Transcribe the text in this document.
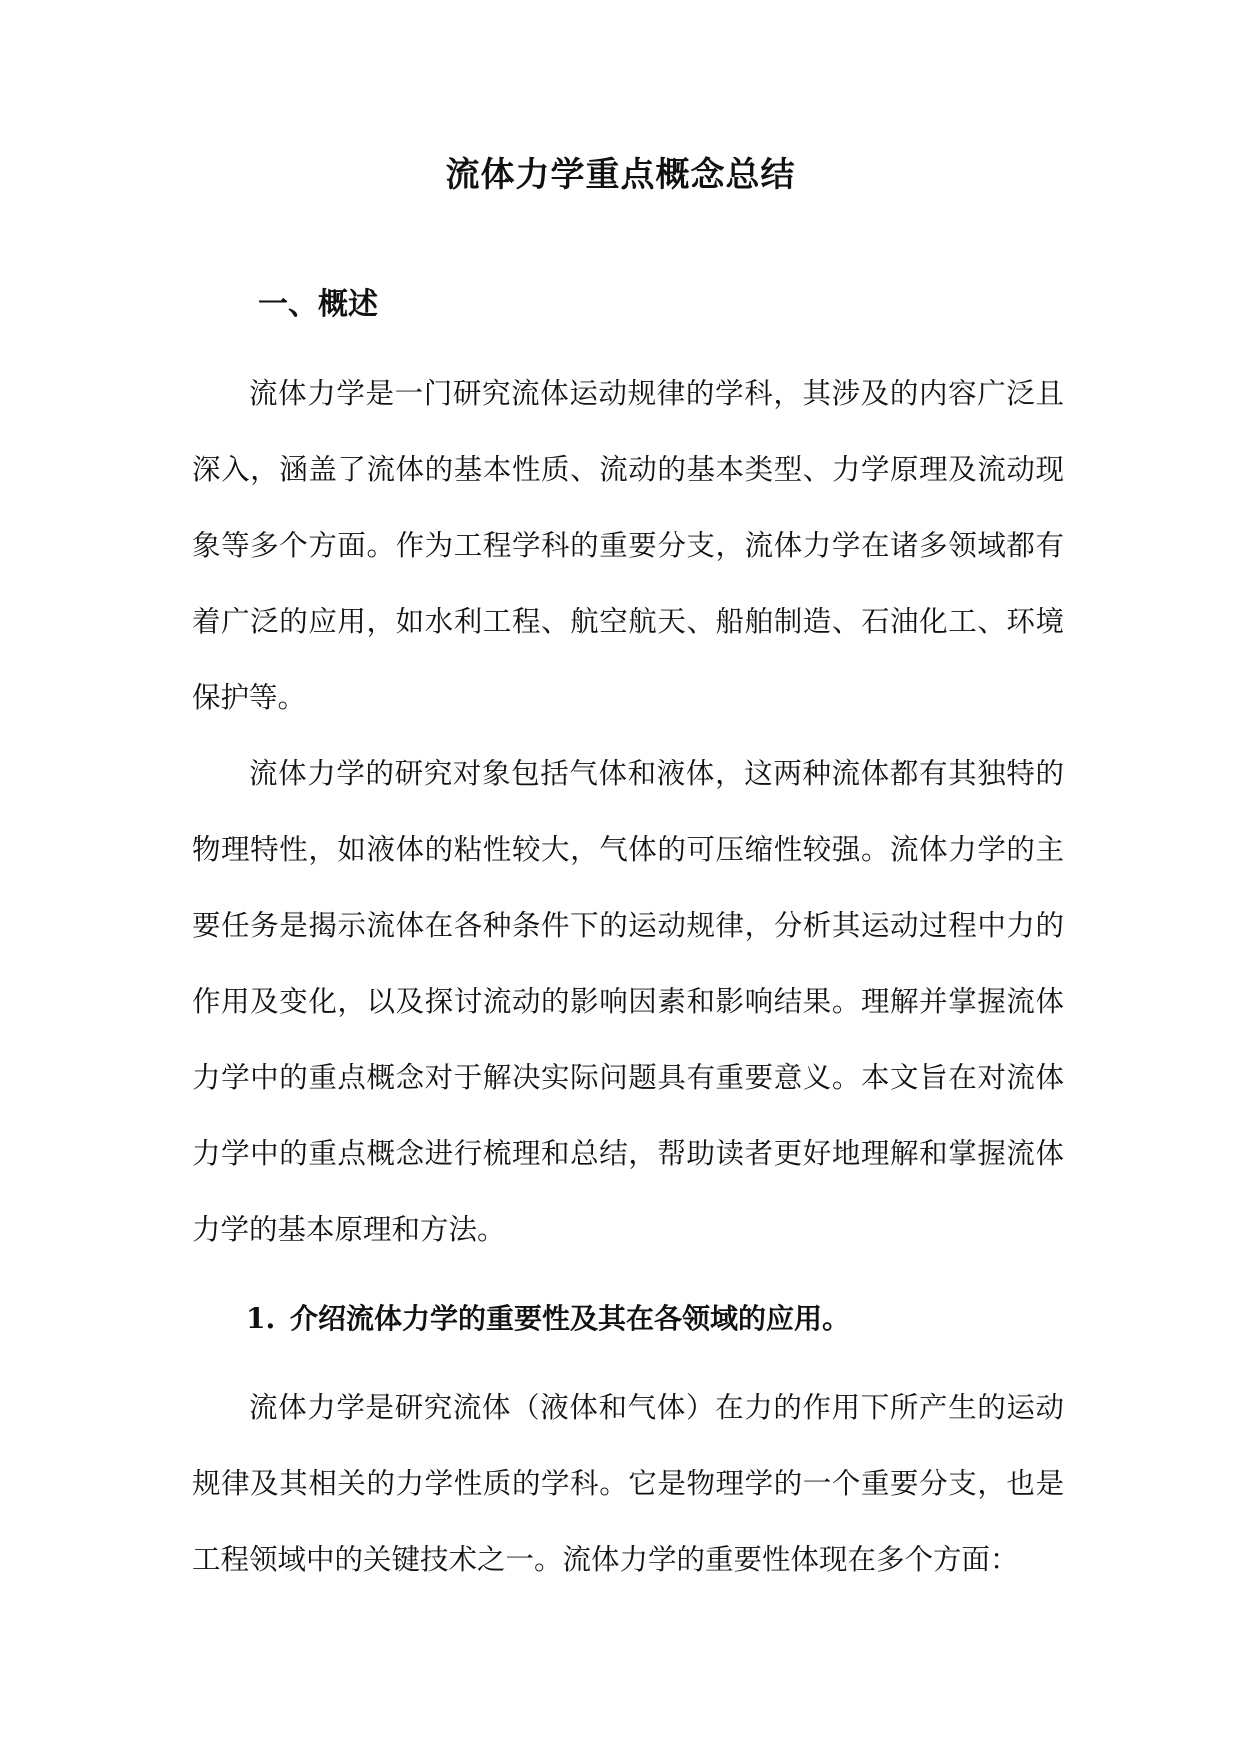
流体力学重点概念总结
一、概述

流体力学是一门研究流体运动规律的学科，其涉及的内容广泛且深入，涵盖了流体的基本性质、流动的基本类型、力学原理及流动现象等多个方面。作为工程学科的重要分支，流体力学在诸多领域都有着广泛的应用，如水利工程、航空航天、船舶制造、石油化工、环境保护等。

流体力学的研究对象包括气体和液体，这两种流体都有其独特的物理特性，如液体的粘性较大，气体的可压缩性较强。流体力学的主要任务是揭示流体在各种条件下的运动规律，分析其运动过程中力的作用及变化，以及探讨流动的影响因素和影响结果。理解并掌握流体力学中的重点概念对于解决实际问题具有重要意义。本文旨在对流体力学中的重点概念进行梳理和总结，帮助读者更好地理解和掌握流体力学的基本原理和方法。

1. 介绍流体力学的重要性及其在各领域的应用。

流体力学是研究流体（液体和气体）在力的作用下所产生的运动规律及其相关的力学性质的学科。它是物理学的一个重要分支，也是工程领域中的关键技术之一。流体力学的重要性体现在多个方面：
